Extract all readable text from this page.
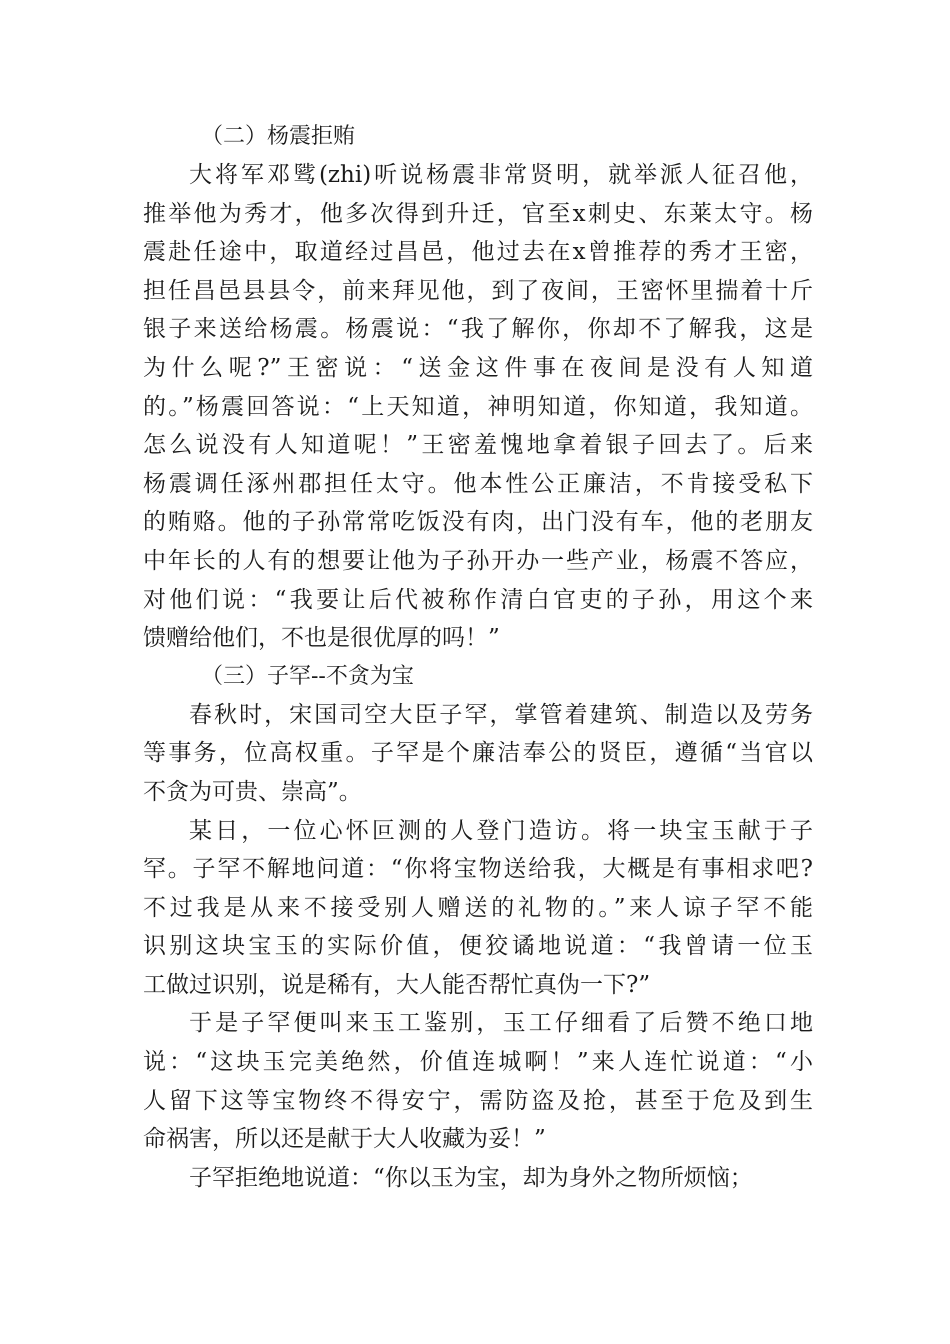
（二）杨震拒贿

大将军邓骘(zhi)听说杨震非常贤明，就举派人征召他，
推举他为秀才，他多次得到升迁，官至x刺史、东莱太守。杨
震赴任途中，取道经过昌邑，他过去在x曾推荐的秀才王密，
担任昌邑县县令，前来拜见他，到了夜间，王密怀里揣着十斤
银子来送给杨震。杨震说：“我了解你，你却不了解我，这是
为什么呢?”王密说：“送金这件事在夜间是没有人知道
的。”杨震回答说：“上天知道，神明知道，你知道，我知道。
怎么说没有人知道呢！”王密羞愧地拿着银子回去了。后来
杨震调任涿州郡担任太守。他本性公正廉洁，不肯接受私下
的贿赂。他的子孙常常吃饭没有肉，出门没有车，他的老朋友
中年长的人有的想要让他为子孙开办一些产业，杨震不答应，
对他们说：“我要让后代被称作清白官吏的子孙，用这个来
馈赠给他们，不也是很优厚的吗！”

（三）子罕--不贪为宝

春秋时，宋国司空大臣子罕，掌管着建筑、制造以及劳务
等事务，位高权重。子罕是个廉洁奉公的贤臣，遵循“当官以
不贪为可贵、崇高”。
某日，一位心怀叵测的人登门造访。将一块宝玉献于子
罕。子罕不解地问道：“你将宝物送给我，大概是有事相求吧?
不过我是从来不接受别人赠送的礼物的。”来人谅子罕不能
识别这块宝玉的实际价值，便狡谲地说道：“我曾请一位玉
工做过识别，说是稀有，大人能否帮忙真伪一下?”
于是子罕便叫来玉工鉴别，玉工仔细看了后赞不绝口地
说：“这块玉完美绝然，价值连城啊！”来人连忙说道：“小
人留下这等宝物终不得安宁，需防盗及抢，甚至于危及到生
命祸害，所以还是献于大人收藏为妥！”
子罕拒绝地说道：“你以玉为宝，却为身外之物所烦恼；
